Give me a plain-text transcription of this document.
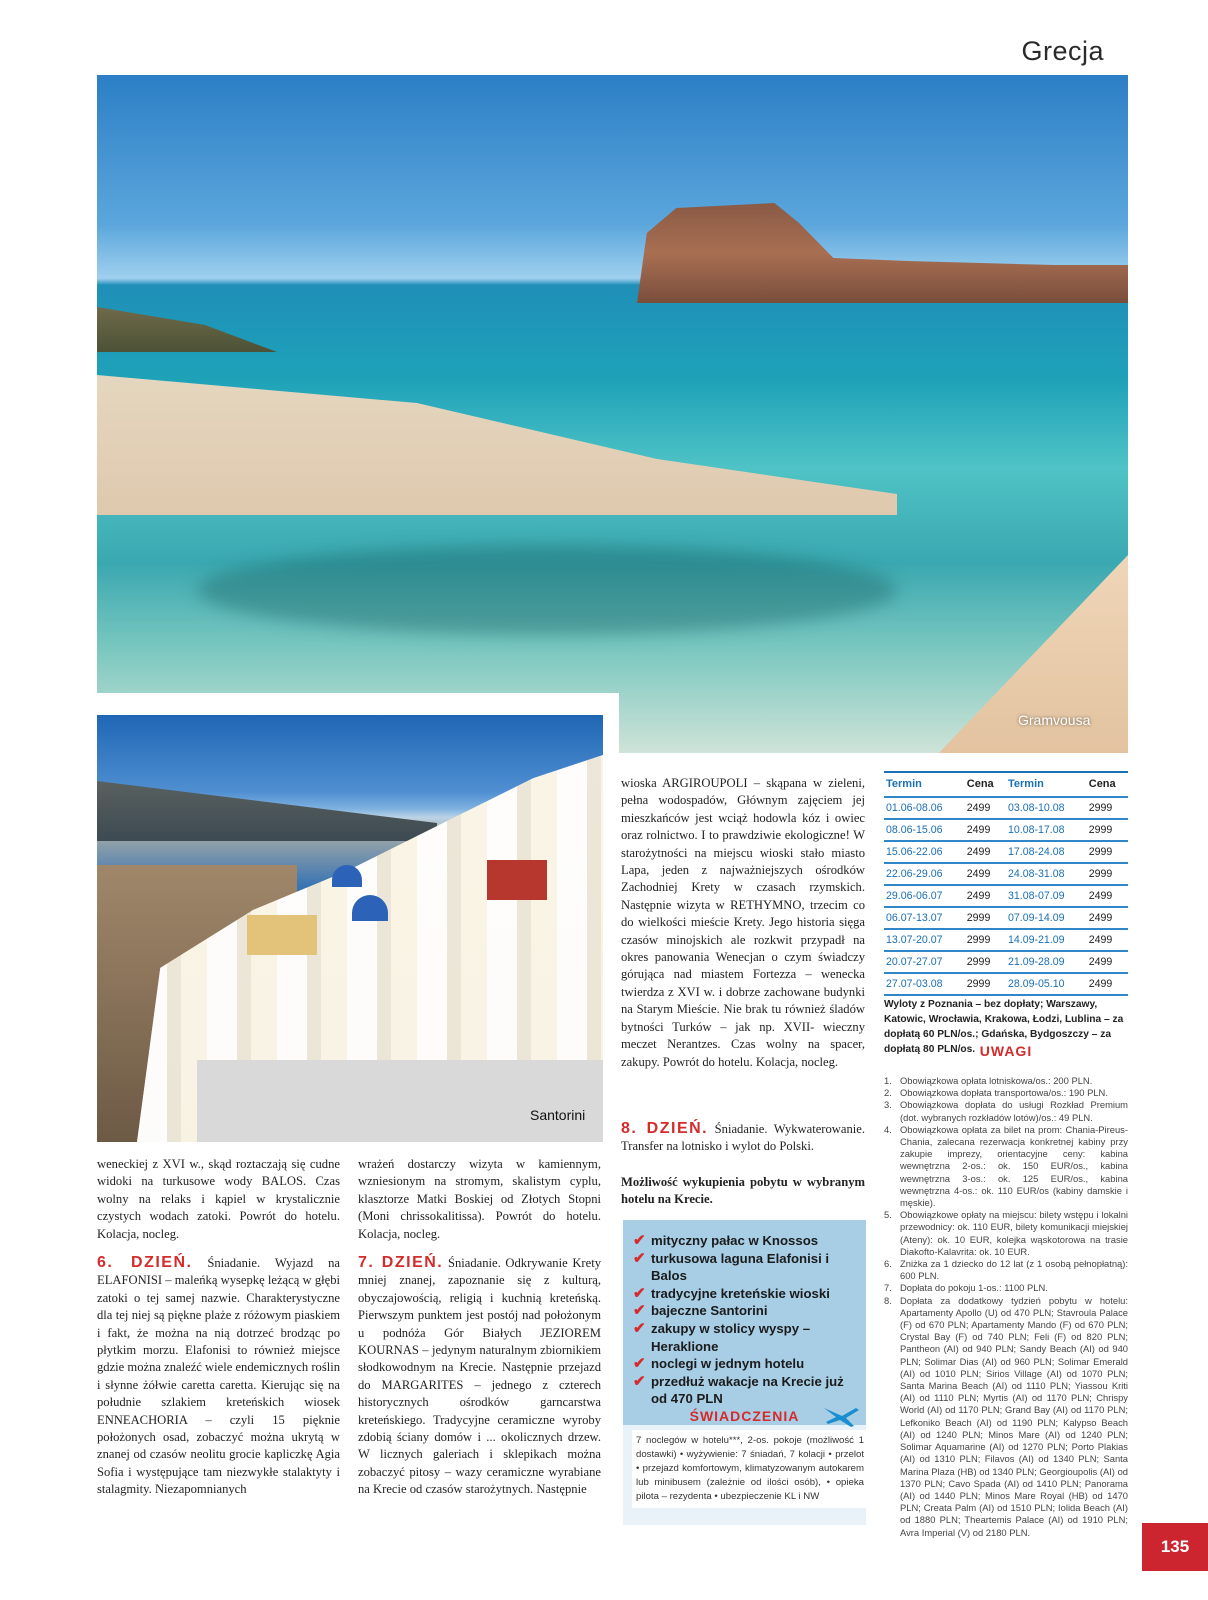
Grecja
Gramvousa
Santorini

weneckiej z XVI w., skąd roztaczają się cudne widoki na turkusowe wody BALOS. Czas wolny na relaks i kąpiel w krystalicznie czystych wodach zatoki. Powrót do hotelu. Kolacja, nocleg.

6. DZIEŃ. Śniadanie. Wyjazd na ELAFONISI – maleńką wysepkę leżącą w głębi zatoki o tej samej nazwie. Charakterystyczne dla tej niej są piękne plaże z różowym piaskiem i fakt, że można na nią dotrzeć brodząc po płytkim morzu. Elafonisi to również miejsce gdzie można znaleźć wiele endemicznych roślin i słynne żółwie caretta caretta. Kierując się na południe szlakiem kreteńskich wiosek ENNEACHORIA – czyli 15 pięknie położonych osad, zobaczyć można ukrytą w znanej od czasów neolitu grocie kapliczkę Agia Sofia i występujące tam niezwykłe stalaktyty i stalagmity. Niezapomnianych

wrażeń dostarczy wizyta w kamiennym, wzniesionym na stromym, skalistym cyplu, klasztorze Matki Boskiej od Złotych Stopni (Moni chrissokalitissa). Powrót do hotelu. Kolacja, nocleg.

7. DZIEŃ. Śniadanie. Odkrywanie Krety mniej znanej, zapoznanie się z kulturą, obyczajowością, religią i kuchnią kreteńską. Pierwszym punktem jest postój nad położonym u podnóża Gór Białych JEZIOREM KOURNAS – jedynym naturalnym zbiornikiem słodkowodnym na Krecie. Następnie przejazd do MARGARITES – jednego z czterech historycznych ośrodków garncarstwa kreteńskiego. Tradycyjne ceramiczne wyroby zdobią ściany domów i ... okolicznych drzew. W licznych galeriach i sklepikach można zobaczyć pitosy – wazy ceramiczne wyrabiane na Krecie od czasów starożytnych. Następnie

wioska ARGIROUPOLI – skąpana w zieleni, pełna wodospadów, Głównym zajęciem jej mieszkańców jest wciąż hodowla kóz i owiec oraz rolnictwo. I to prawdziwie ekologiczne! W starożytności na miejscu wioski stało miasto Lapa, jeden z najważniejszych ośrodków Zachodniej Krety w czasach rzymskich. Następnie wizyta w RETHYMNO, trzecim co do wielkości mieście Krety. Jego historia sięga czasów minojskich ale rozkwit przypadł na okres panowania Wenecjan o czym świadczy górująca nad miastem Fortezza – wenecka twierdza z XVI w. i dobrze zachowane budynki na Starym Mieście. Nie brak tu również śladów bytności Turków – jak np. XVII- wieczny meczet Nerantzes. Czas wolny na spacer, zakupy. Powrót do hotelu. Kolacja, nocleg.

8. DZIEŃ. Śniadanie. Wykwaterowanie. Transfer na lotnisko i wylot do Polski.

Możliwość wykupienia pobytu w wybranym hotelu na Krecie.

✔ mityczny pałac w Knossos
✔ turkusowa laguna Elafonisi i Balos
✔ tradycyjne kreteńskie wioski
✔ bajeczne Santorini
✔ zakupy w stolicy wyspy – Heraklione
✔ noclegi w jednym hotelu
✔ przedłuż wakacje na Krecie już od 470 PLN
ŚWIADCZENIA
7 noclegów w hotelu***, 2-os. pokoje (możliwość 1 dostawki) • wyżywienie: 7 śniadań, 7 kolacji • przelot • przejazd komfortowym, klimatyzowanym autokarem lub minibusem (zależnie od ilości osób), • opieka pilota – rezydenta • ubezpieczenie KL i NW
Termin	Cena	Termin	Cena
01.06-08.06	2499	03.08-10.08	2999
08.06-15.06	2499	10.08-17.08	2999
15.06-22.06	2499	17.08-24.08	2999
22.06-29.06	2499	24.08-31.08	2999
29.06-06.07	2499	31.08-07.09	2499
06.07-13.07	2999	07.09-14.09	2499
13.07-20.07	2999	14.09-21.09	2499
20.07-27.07	2999	21.09-28.09	2499
27.07-03.08	2999	28.09-05.10	2499
Wyloty z Poznania – bez dopłaty; Warszawy, Katowic, Wrocławia, Krakowa, Łodzi, Lublina – za dopłatą 60 PLN/os.; Gdańska, Bydgoszczy – za dopłatą 80 PLN/os. UWAGI
1. Obowiązkowa opłata lotniskowa/os.: 200 PLN.
2. Obowiązkowa dopłata transportowa/os.: 190 PLN.
3. Obowiązkowa dopłata do usługi Rozkład Premium (dot. wybranych rozkładów lotów)/os.: 49 PLN.
4. Obowiązkowa opłata za bilet na prom: Chania-Pireus-Chania, zalecana rezerwacja konkretnej kabiny przy zakupie imprezy, orientacyjne ceny: kabina wewnętrzna 2-os.: ok. 150 EUR/os., kabina wewnętrzna 3-os.: ok. 125 EUR/os., kabina wewnętrzna 4-os.: ok. 110 EUR/os (kabiny damskie i męskie).
5. Obowiązkowe opłaty na miejscu: bilety wstępu i lokalni przewodnicy: ok. 110 EUR, bilety komunikacji miejskiej (Ateny): ok. 10 EUR, kolejka wąskotorowa na trasie Diakofto-Kalavrita: ok. 10 EUR.
6. Zniżka za 1 dziecko do 12 lat (z 1 osobą pełnopłatną): 600 PLN.
7. Dopłata do pokoju 1-os.: 1100 PLN.
8. Dopłata za dodatkowy tydzień pobytu w hotelu: Apartamenty Apollo (U) od 470 PLN; Stavroula Palace (F) od 670 PLN; Apartamenty Mando (F) od 670 PLN; Crystal Bay (F) od 740 PLN; Feli (F) od 820 PLN; Pantheon (AI) od 940 PLN; Sandy Beach (AI) od 940 PLN; Solimar Dias (AI) od 960 PLN; Solimar Emerald (AI) od 1010 PLN; Sirios Village (AI) od 1070 PLN; Santa Marina Beach (AI) od 1110 PLN; Yiassou Kriti (AI) od 1110 PLN; Myrtis (AI) od 1170 PLN; Chrispy World (AI) od 1170 PLN; Grand Bay (AI) od 1170 PLN; Lefkoniko Beach (AI) od 1190 PLN; Kalypso Beach (AI) od 1240 PLN; Minos Mare (AI) od 1240 PLN; Solimar Aquamarine (AI) od 1270 PLN; Porto Plakias (AI) od 1310 PLN; Filavos (AI) od 1340 PLN; Santa Marina Plaza (HB) od 1340 PLN; Georgioupolis (AI) od 1370 PLN; Cavo Spada (AI) od 1410 PLN; Panorama (AI) od 1440 PLN; Minos Mare Royal (HB) od 1470 PLN; Creata Palm (AI) od 1510 PLN; Iolida Beach (AI) od 1880 PLN; Theartemis Palace (AI) od 1910 PLN; Avra Imperial (V) od 2180 PLN.
135
